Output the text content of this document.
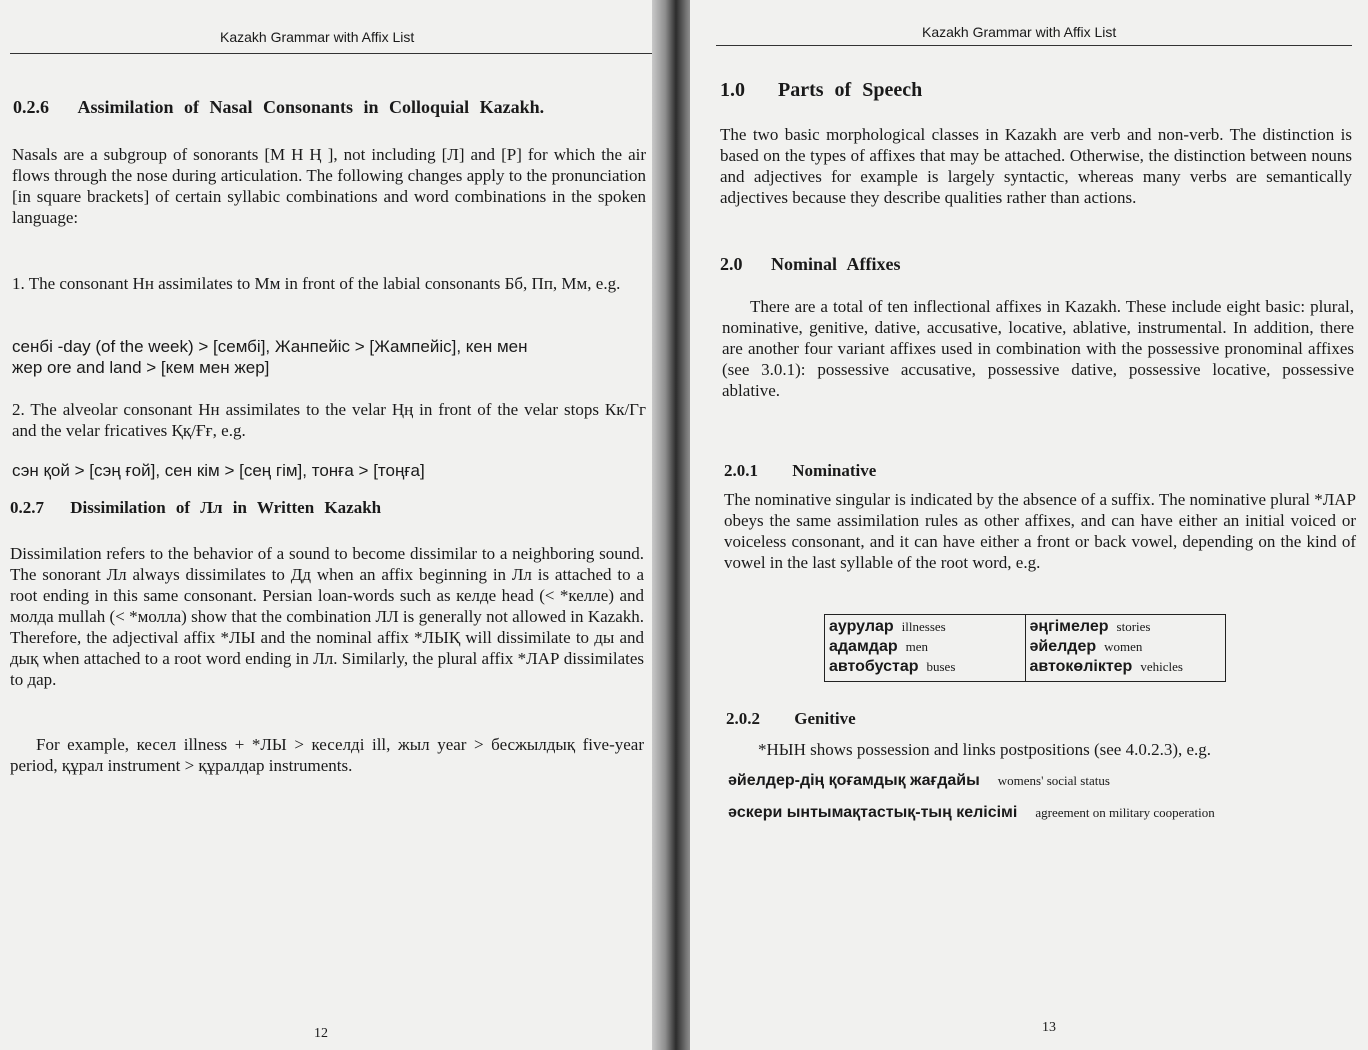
Kazakh Grammar with Affix List
0.2.6 Assimilation of Nasal Consonants in Colloquial Kazakh.
Nasals are a subgroup of sonorants [М Н Ң ], not including [Л] and [Р] for which the air flows through the nose during articulation. The following changes apply to the pronunciation [in square brackets] of certain syllabic combinations and word combinations in the spoken language:
1. The consonant Нн assimilates to Мм in front of the labial consonants Бб, Пп, Мм, e.g.
сенбі -day (of the week) > [сембі], Жанпейіс > [Жампейіс], кен мен
жер ore and land > [кем мен жер]
2. The alveolar consonant Нн assimilates to the velar Ңң in front of the velar stops Кк/Гг and the velar fricatives Ққ/Ғғ, e.g.
сэн қой > [сэң ғой], сен кім > [сең гім], тонға > [тоңға]
0.2.7 Dissimilation of Лл in Written Kazakh
Dissimilation refers to the behavior of a sound to become dissimilar to a neighboring sound. The sonorant Лл always dissimilates to Дд when an affix beginning in Лл is attached to a root ending in this same consonant. Persian loan-words such as келде head (< *келле) and молда mullah (< *молла) show that the combination ЛЛ is generally not allowed in Kazakh. Therefore, the adjectival affix *ЛЫ and the nominal affix *ЛЫҚ will dissimilate to ды and дық when attached to a root word ending in Лл. Similarly, the plural affix *ЛАР dissimilates to дар.
For example, кесел illness + *ЛЫ > кеселді ill, жыл year > бесжылдық five-year period, құрал instrument > құралдар instruments.
12
Kazakh Grammar with Affix List
1.0 Parts of Speech
The two basic morphological classes in Kazakh are verb and non-verb. The distinction is based on the types of affixes that may be attached. Otherwise, the distinction between nouns and adjectives for example is largely syntactic, whereas many verbs are semantically adjectives because they describe qualities rather than actions.
2.0 Nominal Affixes
There are a total of ten inflectional affixes in Kazakh. These include eight basic: plural, nominative, genitive, dative, accusative, locative, ablative, instrumental. In addition, there are another four variant affixes used in combination with the possessive pronominal affixes (see 3.0.1): possessive accusative, possessive dative, possessive locative, possessive ablative.
2.0.1 Nominative
The nominative singular is indicated by the absence of a suffix. The nominative plural *ЛАР obeys the same assimilation rules as other affixes, and can have either an initial voiced or voiceless consonant, and it can have either a front or back vowel, depending on the kind of vowel in the last syllable of the root word, e.g.
2.0.2 Genitive
*НЫН shows possession and links postpositions (see 4.0.2.3), e.g.
әйелдер-дің қоғамдық жағдайы womens' social status
әскери ынтымақтастық-тың келісімі agreement on military cooperation
13
аурулар illnesses
адамдар men
автобустар buses
әңгімелер stories
әйелдер women
автокөліктер vehicles
